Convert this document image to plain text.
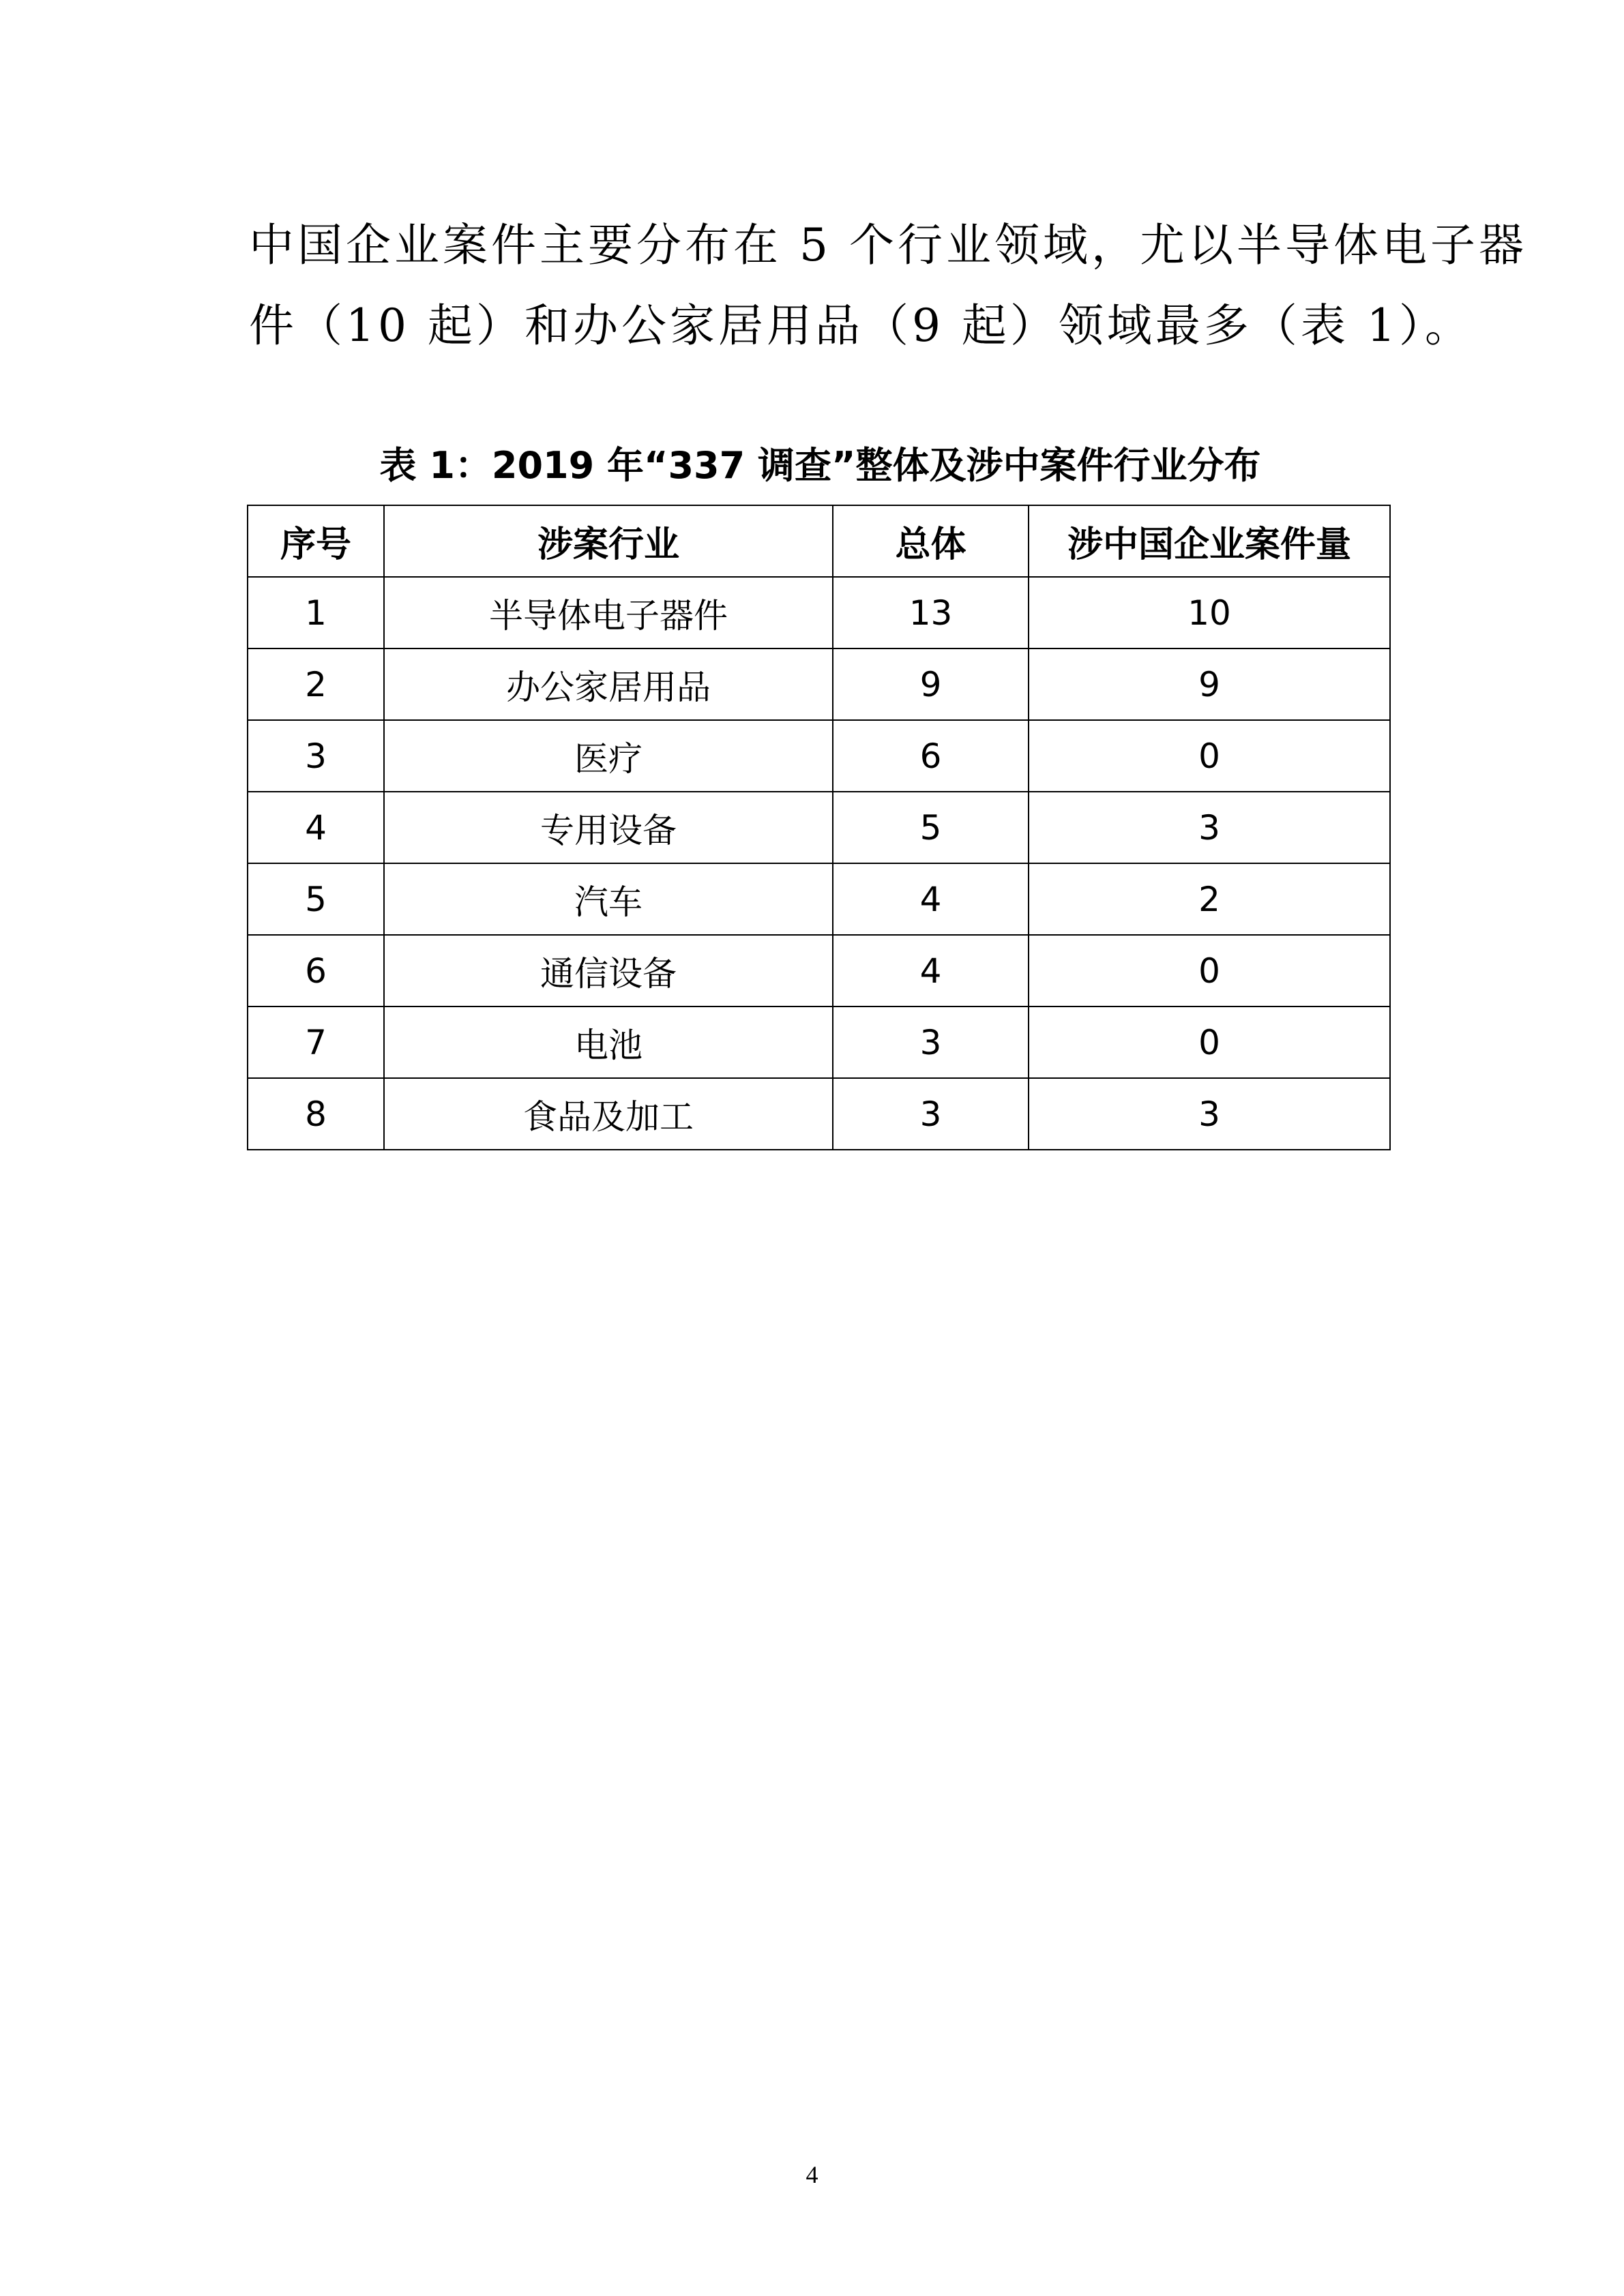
中国企业案件主要分布在 5 个行业领域，尤以半导体电子器
件（10 起）和办公家居用品（9 起）领域最多（表 1）。
表 1：2019 年“337 调查”整体及涉中案件行业分布
序号	涉案行业	总体	涉中国企业案件量
1	半导体电子器件	13	10
2	办公家居用品	9	9
3	医疗	6	0
4	专用设备	5	3
5	汽车	4	2
6	通信设备	4	0
7	电池	3	0
8	食品及加工	3	3
4
